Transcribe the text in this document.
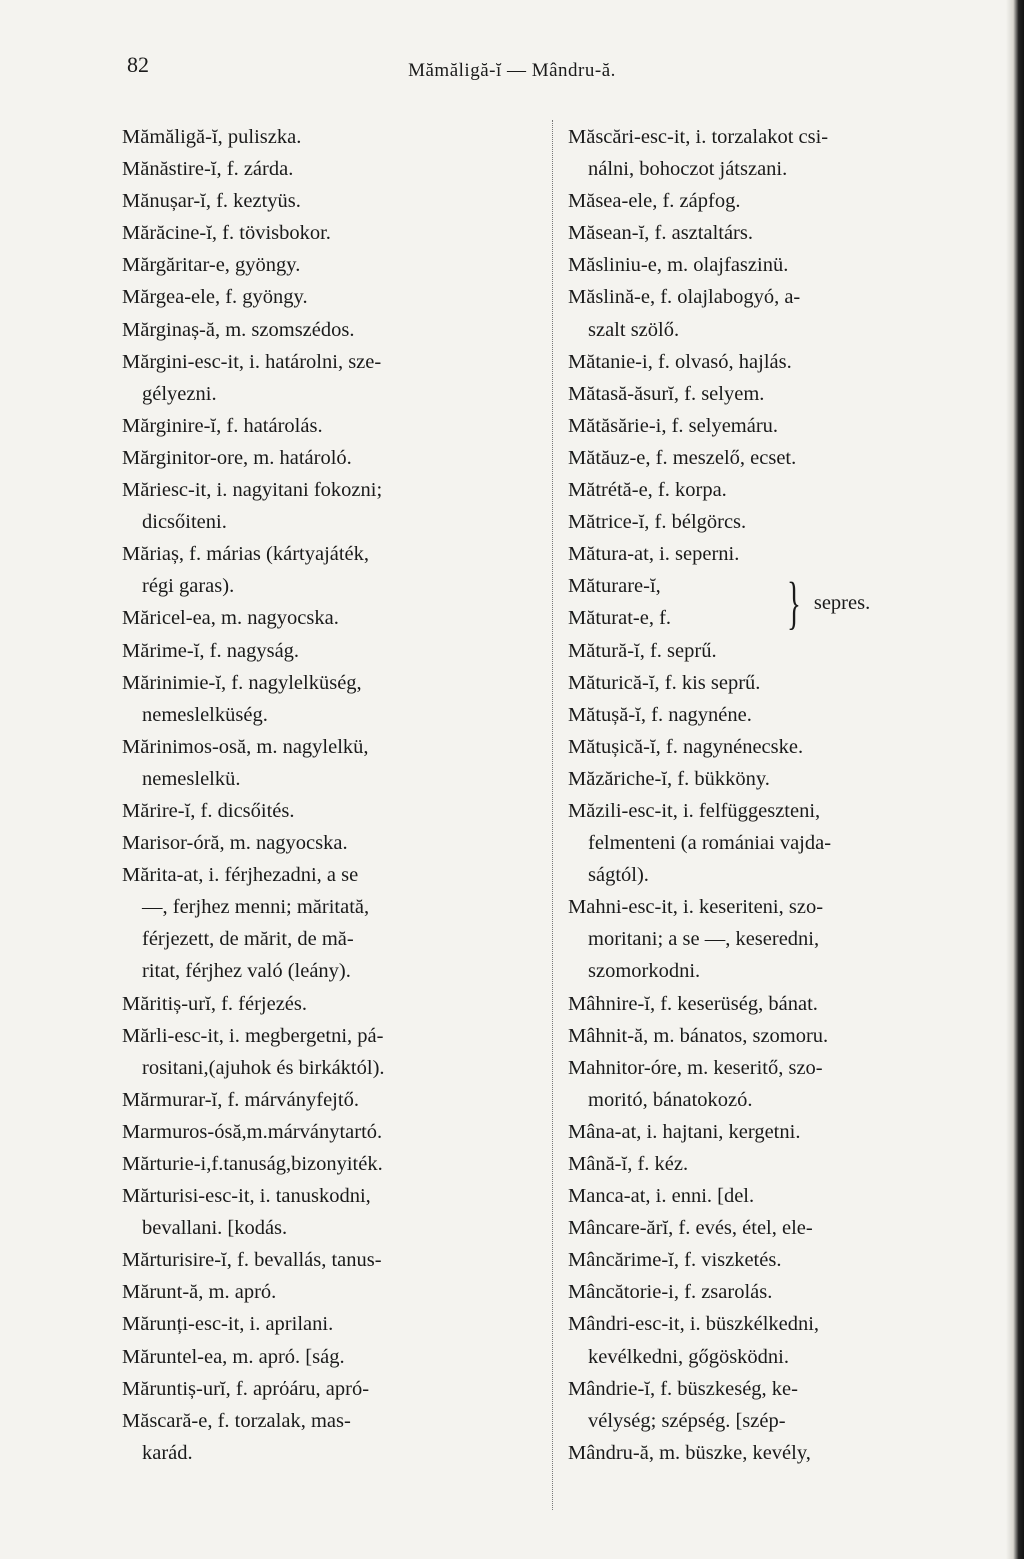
82	Mămăligă-ĭ — Mândru-ă.
Mămăligă-ĭ, puliszka.
Mănăstire-ĭ, f. zárda.
Mănușar-ĭ, f. keztyüs.
Mărăcine-ĭ, f. tövisbokor.
Mărgăritar-e, gyöngy.
Mărgea-ele, f. gyöngy.
Mărginaș-ă, m. szomszédos.
Mărgini-esc-it, i. határolni, sze-
gélyezni.
Mărginire-ĭ, f. határolás.
Mărginitor-ore, m. határoló.
Măriesc-it, i. nagyitani fokozni;
dicsőiteni.
Măriaș, f. márias (kártyajáték,
régi garas).
Măricel-ea, m. nagyocska.
Mărime-ĭ, f. nagyság.
Mărinimie-ĭ, f. nagylelküség,
nemeslelküség.
Mărinimos-osă, m. nagylelkü,
nemeslelkü.
Mărire-ĭ, f. dicsőités.
Marisor-óră, m. nagyocska.
Mărita-at, i. férjhezadni, a se
—, ferjhez menni; măritată,
férjezett, de mărit, de mă-
ritat, férjhez való (leány).
Măritiș-urĭ, f. férjezés.
Mărli-esc-it, i. megbergetni, pá-
rositani,(ajuhok és birkáktól).
Mărmurar-ĭ, f. márványfejtő.
Marmuros-ósă,m.márványtartó.
Mărturie-i,f.tanuság,bizonyiték.
Mărturisi-esc-it, i. tanuskodni,
bevallani. [kodás.
Mărturisire-ĭ, f. bevallás, tanus-
Mărunt-ă, m. apró.
Mărunți-esc-it, i. aprilani.
Măruntel-ea, m. apró. [ság.
Măruntiș-urĭ, f. aprόáru, apró-
Măscară-e, f. torzalak, mas-
karád.
Măscări-esc-it, i. torzalakot csi-
nálni, bohoczot játszani.
Măsea-ele, f. zápfog.
Măsean-ĭ, f. asztaltárs.
Măsliniu-e, m. olajfaszinü.
Măslină-e, f. olajlabogyó, a-
szalt szölő.
Mătanie-i, f. olvasó, hajlás.
Mătasă-ăsurĭ, f. selyem.
Mătăsărie-i, f. selyemáru.
Mătăuz-e, f. meszelő, ecset.
Mătrétă-e, f. korpa.
Mătrice-ĭ, f. bélgörcs.
Mătura-at, i. seperni.
Măturare-ĭ,
Măturat-e, f.
Mătură-ĭ, f. seprű.
Măturică-ĭ, f. kis seprű.
Mătușă-ĭ, f. nagynéne.
Mătușică-ĭ, f. nagynénecske.
Măzăriche-ĭ, f. bükköny.
Măzili-esc-it, i. felfüggeszteni,
felmenteni (a romániai vajda-
ságtól).
Mahni-esc-it, i. keseriteni, szo-
moritani; a se —, keseredni,
szomorkodni.
Mâhnire-ĭ, f. keserüség, bánat.
Mâhnit-ă, m. bánatos, szomoru.
Mahnitor-óre, m. keseritő, szo-
moritó, bánatokozó.
Mâna-at, i. hajtani, kergetni.
Mână-ĭ, f. kéz.
Manca-at, i. enni. [del.
Mâncare-ărĭ, f. evés, étel, ele-
Mâncărime-ĭ, f. viszketés.
Mâncătorie-i, f. zsarolás.
Mândri-esc-it, i. büszkélkedni,
kevélkedni, gőgösködni.
Mândrie-ĭ, f. büszkeség, ke-
vélység; szépség. [szép-
Mândru-ă, m. büszke, kevély,
} sepres.
